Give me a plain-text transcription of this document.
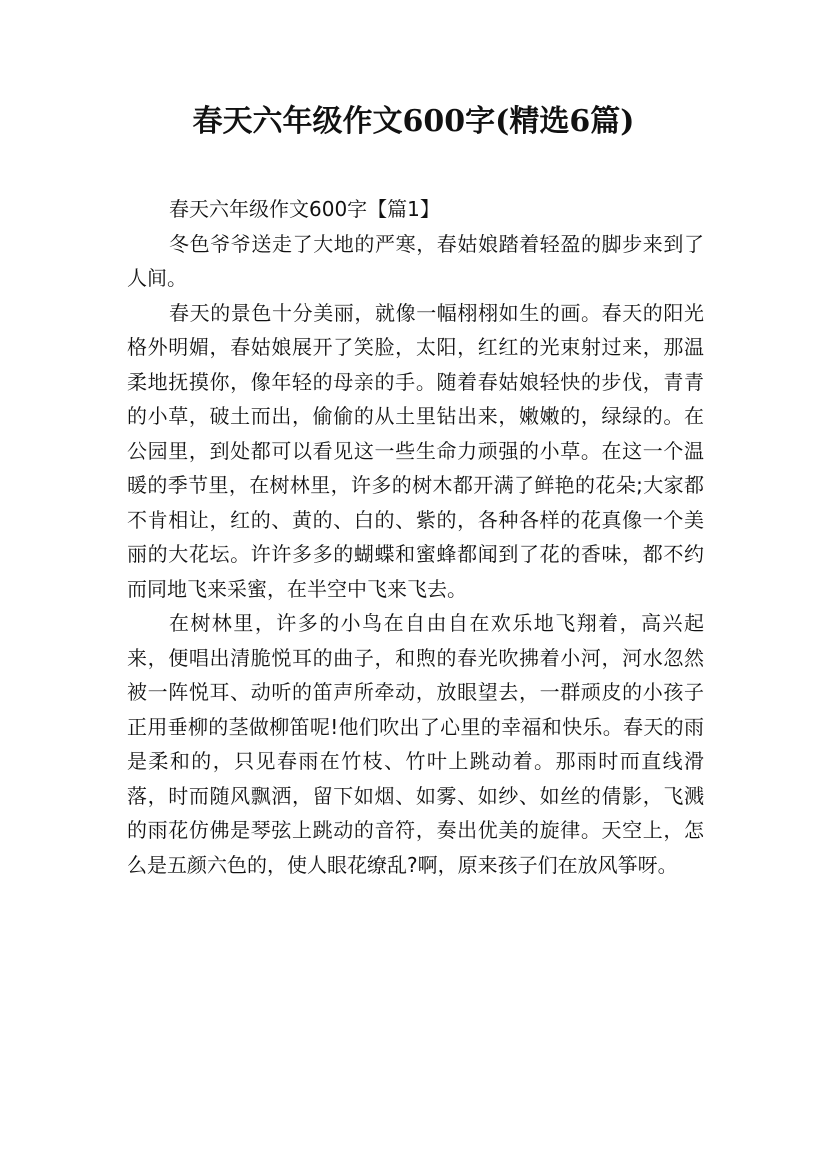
春天六年级作文600字(精选6篇)

春天六年级作文600字【篇1】

冬色爷爷送走了大地的严寒，春姑娘踏着轻盈的脚步来到了人间。

春天的景色十分美丽，就像一幅栩栩如生的画。春天的阳光格外明媚，春姑娘展开了笑脸，太阳，红红的光束射过来，那温柔地抚摸你，像年轻的母亲的手。随着春姑娘轻快的步伐，青青的小草，破土而出，偷偷的从土里钻出来，嫩嫩的，绿绿的。在公园里，到处都可以看见这一些生命力顽强的小草。在这一个温暖的季节里，在树林里，许多的树木都开满了鲜艳的花朵;大家都不肯相让，红的、黄的、白的、紫的，各种各样的花真像一个美丽的大花坛。许许多多的蝴蝶和蜜蜂都闻到了花的香味，都不约而同地飞来采蜜，在半空中飞来飞去。

在树林里，许多的小鸟在自由自在欢乐地飞翔着，高兴起来，便唱出清脆悦耳的曲子，和煦的春光吹拂着小河，河水忽然被一阵悦耳、动听的笛声所牵动，放眼望去，一群顽皮的小孩子正用垂柳的茎做柳笛呢!他们吹出了心里的幸福和快乐。春天的雨是柔和的，只见春雨在竹枝、竹叶上跳动着。那雨时而直线滑落，时而随风飘洒，留下如烟、如雾、如纱、如丝的倩影，飞溅的雨花仿佛是琴弦上跳动的音符，奏出优美的旋律。天空上，怎么是五颜六色的，使人眼花缭乱?啊，原来孩子们在放风筝呀。
